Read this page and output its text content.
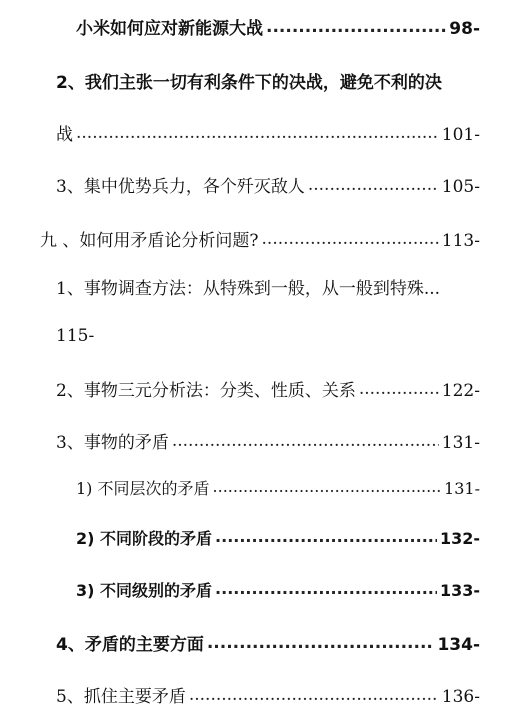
小米如何应对新能源大战 .....	98-
2、我们主张一切有利条件下的决战，避免不利的决
战 .....	101-
3、集中优势兵力，各个歼灭敌人 .....	105-
九 、如何用矛盾论分析问题? .....	113-
1、事物调查方法：从特殊到一般，从一般到特殊...
115-
2、事物三元分析法：分类、性质、关系 .....	122-
3、事物的矛盾 .....	131-
1) 不同层次的矛盾 .....	131-
2) 不同阶段的矛盾 .....	132-
3) 不同级别的矛盾 .....	133-
4、矛盾的主要方面 .....	134-
5、抓住主要矛盾 .....	136-
